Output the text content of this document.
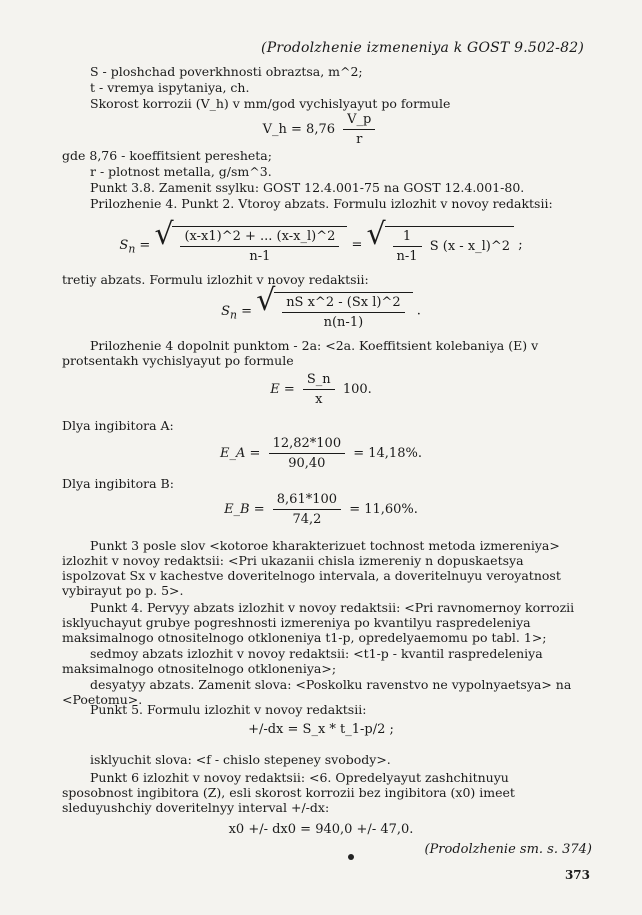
(Prodolzhenie izmeneniya k GOST 9.502-82)
S - ploshchad poverkhnosti obraztsa, m^2;
t - vremya ispytaniya, ch.
Skorost korrozii (V_h) v mm/god vychislyayut po formule
V_h = $8,76 \frac{V\_p}{r}$
gde 8,76 - koeffitsient peresheta;
r - plotnost metalla, g/sm^3.
Punkt 3.8. Zamenit ssylku: GOST 12.4.001-75 na GOST 12.4.001-80.
Prilozhenie 4. Punkt 2. Vtoroy abzats. Formulu izlozhit v novoy redaktsii:
$S_n$ = √ $\frac{(x-x1)\^{}2 + ... (x-x\_l)\^{}2}{n-1}$ = √ $\frac{1}{n-1}$ S (x - x_l)^2 ;
tretiy abzats. Formulu izlozhit v novoy redaktsii:
$S_n$ = √ $\frac{\text{nS x\textasciicircum{}2 - (Sx l)\textasciicircum{}2}}{n(n-1)}$ .
Prilozhenie 4 dopolnit punktom - 2a: <2a. Koeffitsient kolebaniya (E) v protsentakh vychislyayut po formule
$E = \frac{S\_n}{x} 100$.
Dlya ingibitora A:
E_A = $\frac{12,82*100}{90,40} = 14,18\%$.
Dlya ingibitora B:
E_B = $\frac{8,61*100}{74,2} = 11,60\%$.
Punkt 3 posle slov <kotoroe kharakterizuet tochnost metoda izmereniya> izlozhit v novoy redaktsii: <Pri ukazanii chisla izmereniy n dopuskaetsya ispolzovat Sx v kachestve doveritelnogo intervala, a doveritelnuyu veroyatnost vybirayut po p. 5>.
Punkt 4. Pervyy abzats izlozhit v novoy redaktsii: <Pri ravnomernoy korrozii isklyuchayut grubye pogreshnosti izmereniya po kvantilyu raspredeleniya maksimalnogo otnositelnogo otkloneniya t1-p, opredelyaemomu po tabl. 1>;
sedmoy abzats izlozhit v novoy redaktsii: <t1-p - kvantil raspredeleniya maksimalnogo otnositelnogo otkloneniya>;
desyatyy abzats. Zamenit slova: <Poskolku ravenstvo ne vypolnyaetsya> na <Poetomu>.
Punkt 5. Formulu izlozhit v novoy redaktsii:
+/-dx = S_x * t_1-p/2 ;
isklyuchit slova: <f - chislo stepeney svobody>.
Punkt 6 izlozhit v novoy redaktsii: <6. Opredelyayut zashchitnuyu sposobnost ingibitora (Z), esli skorost korrozii bez ingibitora (x0) imeet sleduyushchiy doveritelnyy interval +/-dx:
x0 +/- dx0 = 940,0 +/- 47,0.
(Prodolzhenie sm. s. 374)
373
